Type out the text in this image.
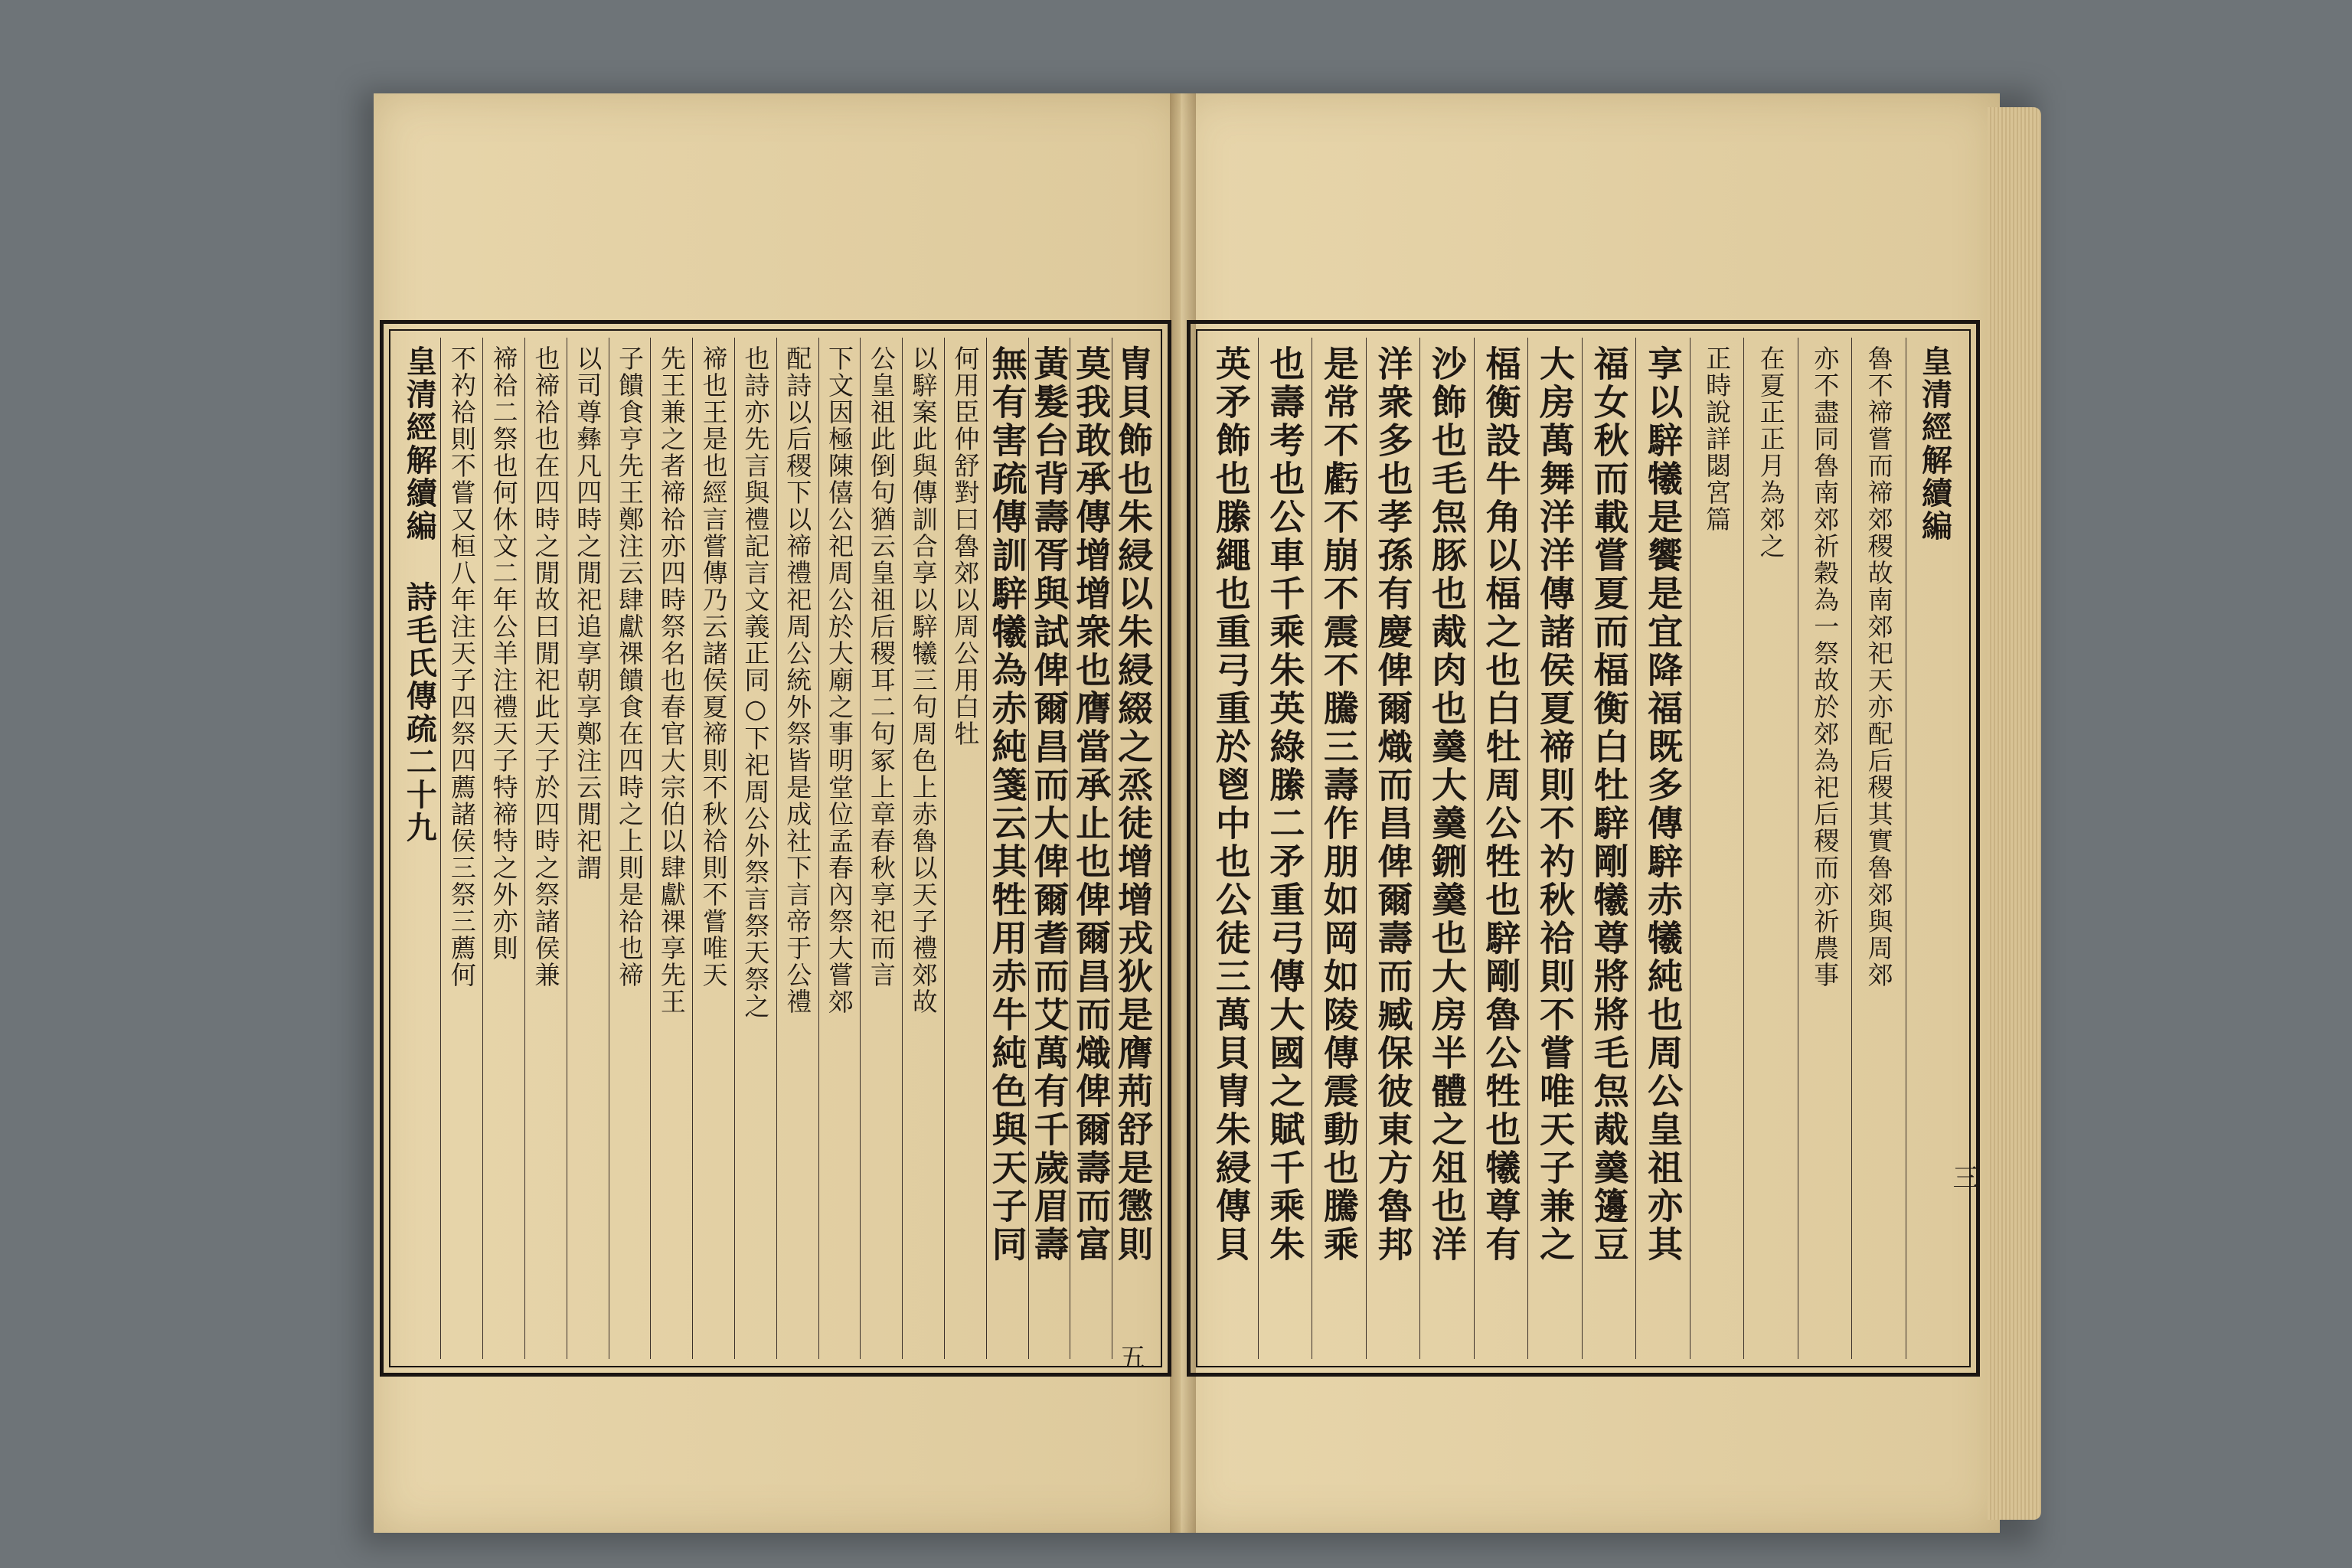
冑貝飾也朱綅以朱綅綴之烝徒增增戎狄是膺荊舒是懲則
莫我敢承傳增增衆也膺當承止也俾爾昌而熾俾爾壽而富
黃髮台背壽胥與試俾爾昌而大俾爾耆而艾萬有千歲眉壽
無有害疏傳訓騂犧為赤純箋云其牲用赤牛純色與天子同
何用臣仲舒對曰魯郊以周公用白牡
以騂案此與傳訓合享以騂犧三句周色上赤魯以天子禮郊故
公皇祖此倒句猶云皇祖后稷耳二句冢上章春秋享祀而言
下文因極陳僖公祀周公於大廟之事明堂位孟春內祭大嘗郊
配詩以后稷下以禘禮祀周公統外祭皆是成社下言帝于公禮
也詩亦先言與禮記言文義正同○下祀周公外祭言祭天祭之
禘也王是也經言嘗傳乃云諸侯夏禘則不秋祫則不嘗唯天
先王兼之者禘祫亦四時祭名也春官大宗伯以肆獻祼享先王
子饋食亨先王鄭注云肆獻祼饋食在四時之上則是祫也禘
以司尊彝凡四時之閒祀追享朝享鄭注云閒祀謂
也禘祫也在四時之閒故曰閒祀此天子於四時之祭諸侯兼
禘祫二祭也何休文二年公羊注禮天子特禘特之外亦則
不礿祫則不嘗又桓八年注天子四祭四薦諸侯三祭三薦何
皇清經解續編 詩毛氏傳疏二十九	皇清經解續編
魯不禘嘗而禘郊稷故南郊祀天亦配后稷其實魯郊與周郊
亦不盡同魯南郊祈穀為一祭故於郊為祀后稷而亦祈農事
在夏正正月為郊之
正時說詳閟宮篇
享以騂犧是饗是宜降福既多傳騂赤犧純也周公皇祖亦其
福女秋而載嘗夏而楅衡白牡騂剛犧尊將將毛炰胾羹籩豆
大房萬舞洋洋傳諸侯夏禘則不礿秋祫則不嘗唯天子兼之
楅衡設牛角以楅之也白牡周公牲也騂剛魯公牲也犧尊有
沙飾也毛炰豚也胾肉也羹大羹鉶羹也大房半體之俎也洋
洋衆多也孝孫有慶俾爾熾而昌俾爾壽而臧保彼東方魯邦
是常不虧不崩不震不騰三壽作朋如岡如陵傳震動也騰乘
也壽考也公車千乘朱英綠縢二矛重弓傳大國之賦千乘朱
英矛飾也縢繩也重弓重於鬯中也公徒三萬貝冑朱綅傳貝
五
三
